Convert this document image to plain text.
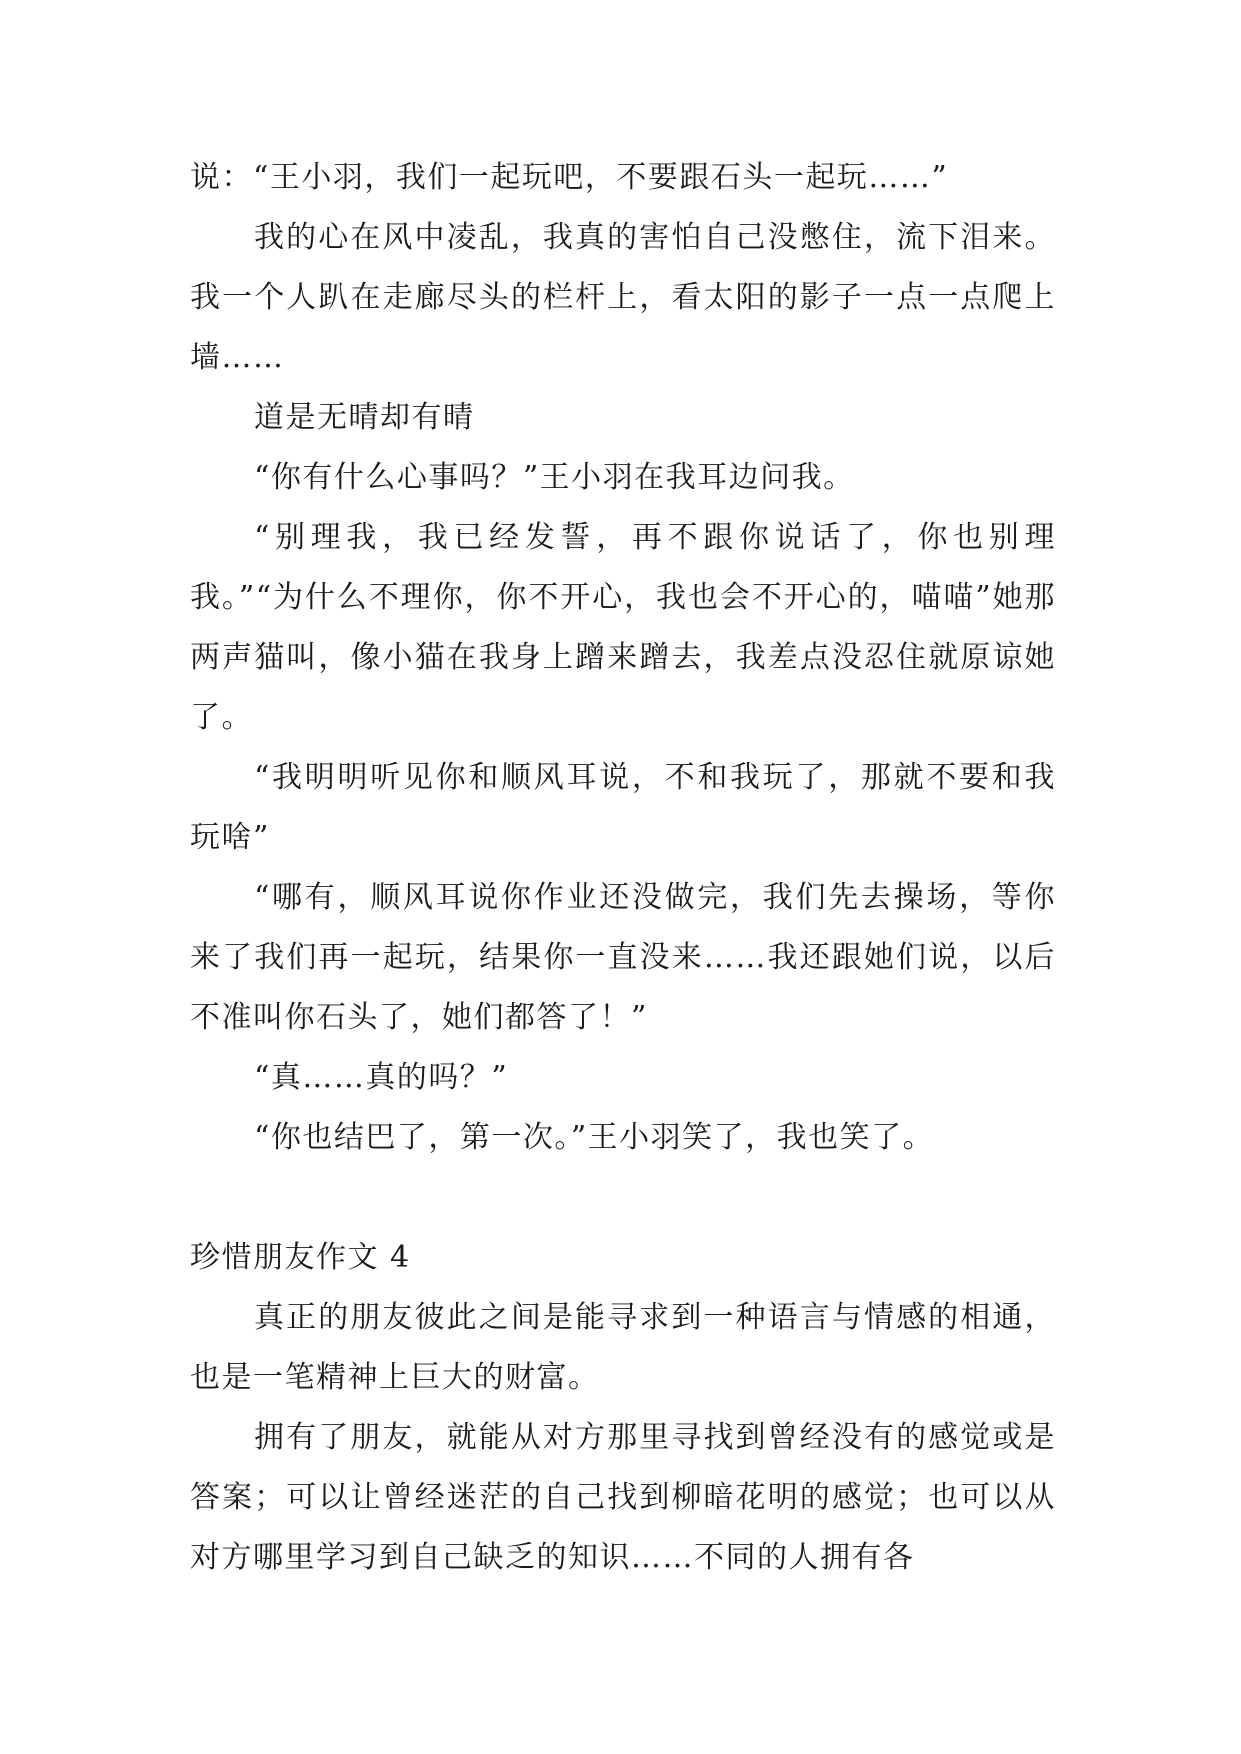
说：“王小羽，我们一起玩吧，不要跟石头一起玩……”

我的心在风中凌乱，我真的害怕自己没憋住，流下泪来。我一个人趴在走廊尽头的栏杆上，看太阳的影子一点一点爬上墙……

道是无晴却有晴

“你有什么心事吗？”王小羽在我耳边问我。

“别理我，我已经发誓，再不跟你说话了，你也别理我。”“为什么不理你，你不开心，我也会不开心的，喵喵”她那两声猫叫，像小猫在我身上蹭来蹭去，我差点没忍住就原谅她了。

“我明明听见你和顺风耳说，不和我玩了，那就不要和我玩啥”

“哪有，顺风耳说你作业还没做完，我们先去操场，等你来了我们再一起玩，结果你一直没来……我还跟她们说，以后不准叫你石头了，她们都答了！”

“真……真的吗？”

“你也结巴了，第一次。”王小羽笑了，我也笑了。

珍惜朋友作文 4

真正的朋友彼此之间是能寻求到一种语言与情感的相通，也是一笔精神上巨大的财富。

拥有了朋友，就能从对方那里寻找到曾经没有的感觉或是答案；可以让曾经迷茫的自己找到柳暗花明的感觉；也可以从对方哪里学习到自己缺乏的知识……不同的人拥有各
